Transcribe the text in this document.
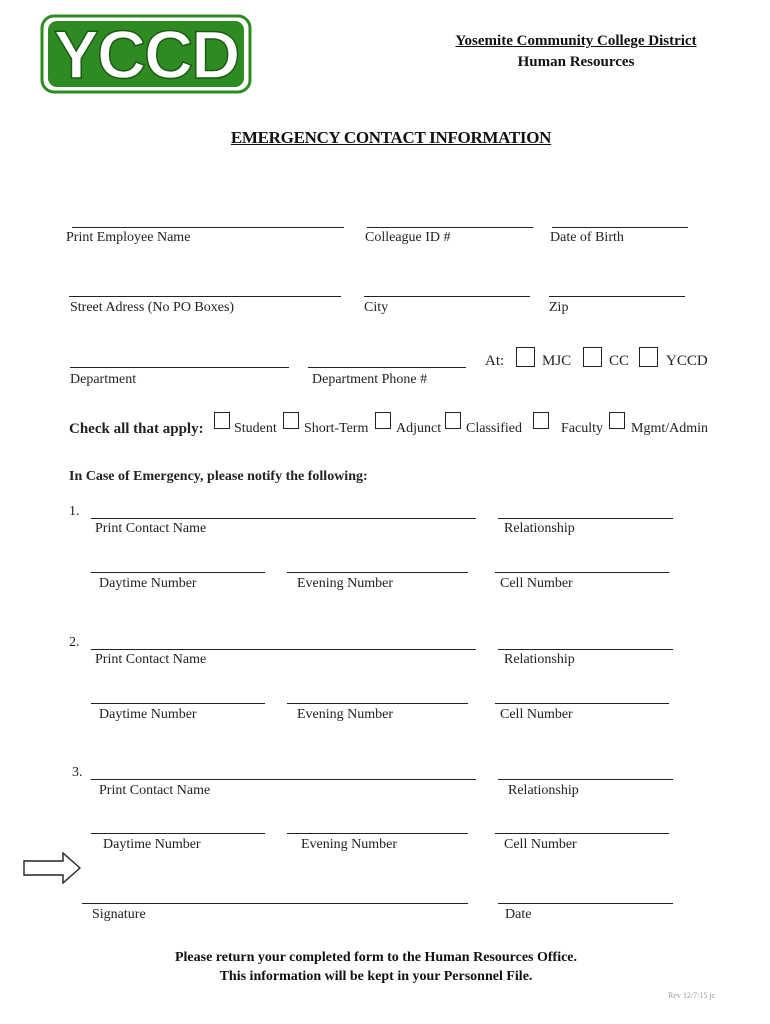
YCCD	Yosemite Community College District
Human Resources
EMERGENCY CONTACT INFORMATION
Print Employee Name	Colleague ID #	Date of Birth
Street Adress (No PO Boxes)	City	Zip
Department	Department Phone #
At:	MJC	CC YCCD
Check all that apply: Student Short-Term Adjunct Classified	Faculty Mgmt/Admin
In Case of Emergency, please notify the following:
1.
Print Contact Name	Relationship
Daytime Number	Evening Number	Cell Number
2.
Print Contact Name	Relationship
Daytime Number	Evening Number	Cell Number
3.
Print Contact Name	Relationship
Daytime Number	Evening Number	Cell Number
Signature	Date
Please return your completed form to the Human Resources Office.
This information will be kept in your Personnel File.
Rev 12/7/15 jc
